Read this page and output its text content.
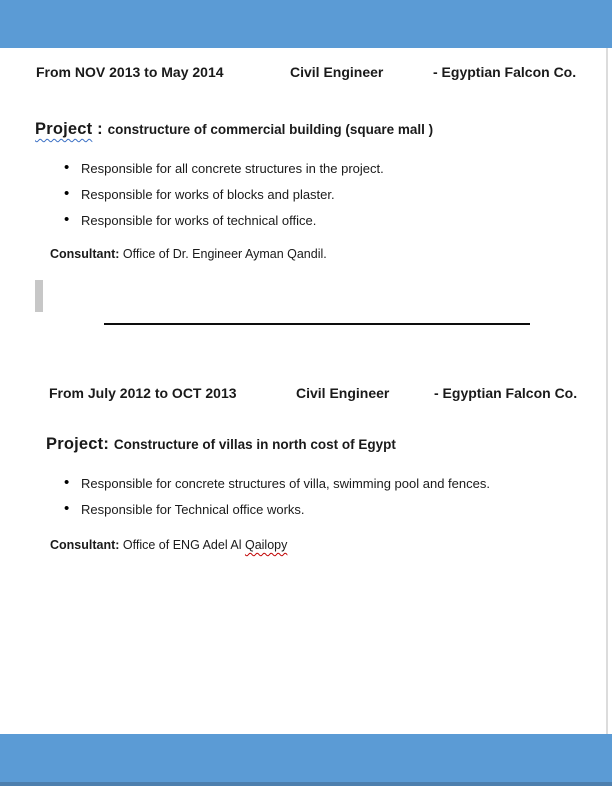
From NOV 2013 to May 2014	Civil Engineer	- Egyptian Falcon Co.
Project : constructure of commercial building (square mall )
• Responsible for all concrete structures in the project.
• Responsible for works of blocks and plaster.
• Responsible for works of technical office.
Consultant: Office of Dr. Engineer Ayman Qandil.
From July 2012 to OCT 2013	Civil Engineer	- Egyptian Falcon Co.
Project: Constructure of villas in north cost of Egypt
• Responsible for concrete structures of villa, swimming pool and fences.
• Responsible for Technical office works.
Consultant: Office of ENG Adel Al Qailopy
